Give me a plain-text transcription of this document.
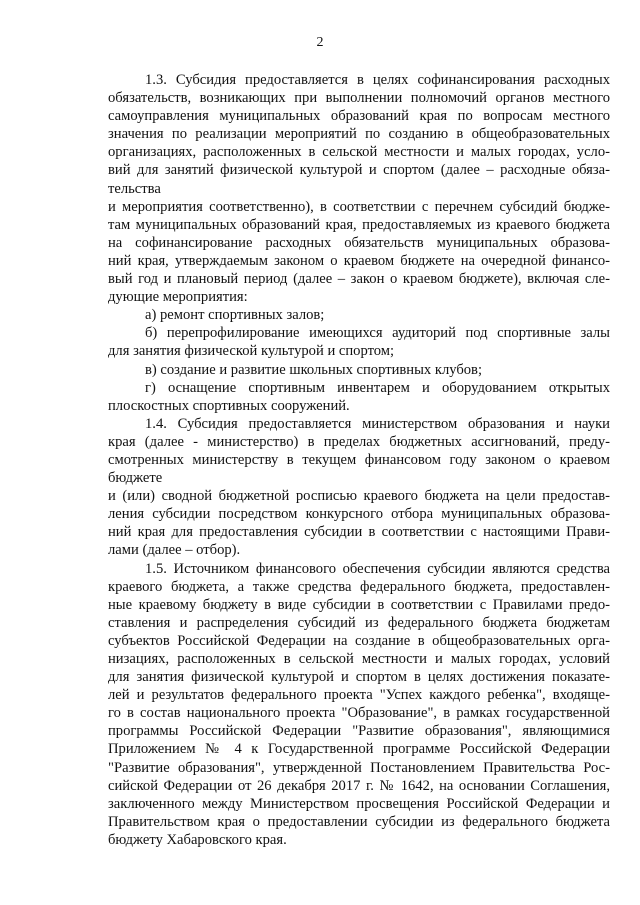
2
1.3. Субсидия предоставляется в целях софинансирования расходных
обязательств, возникающих при выполнении полномочий органов местного
самоуправления муниципальных образований края по вопросам местного
значения по реализации мероприятий по созданию в общеобразовательных
организациях, расположенных в сельской местности и малых городах, усло-
вий для занятий физической культурой и спортом (далее – расходные обяза-
тельства
и мероприятия соответственно), в соответствии с перечнем субсидий бюдже-
там муниципальных образований края, предоставляемых из краевого бюджета
на софинансирование расходных обязательств муниципальных образова-
ний края, утверждаемым законом о краевом бюджете на очередной финансо-
вый год и плановый период (далее – закон о краевом бюджете), включая сле-
дующие мероприятия:
а) ремонт спортивных залов;
б) перепрофилирование имеющихся аудиторий под спортивные залы
для занятия физической культурой и спортом;
в) создание и развитие школьных спортивных клубов;
г) оснащение спортивным инвентарем и оборудованием открытых
плоскостных спортивных сооружений.
1.4. Субсидия предоставляется министерством образования и науки
края (далее - министерство) в пределах бюджетных ассигнований, преду-
смотренных министерству в текущем финансовом году законом о краевом
бюджете
и (или) сводной бюджетной росписью краевого бюджета на цели предостав-
ления субсидии посредством конкурсного отбора муниципальных образова-
ний края для предоставления субсидии в соответствии с настоящими Прави-
лами (далее – отбор).
1.5. Источником финансового обеспечения субсидии являются средства
краевого бюджета, а также средства федерального бюджета, предоставлен-
ные краевому бюджету в виде субсидии в соответствии с Правилами предо-
ставления и распределения субсидий из федерального бюджета бюджетам
субъектов Российской Федерации на создание в общеобразовательных орга-
низациях, расположенных в сельской местности и малых городах, условий
для занятия физической культурой и спортом в целях достижения показате-
лей и результатов федерального проекта "Успех каждого ребенка", входяще-
го в состав национального проекта "Образование", в рамках государственной
программы Российской Федерации "Развитие образования", являющимися
Приложением № 4 к Государственной программе Российской Федерации
"Развитие образования", утвержденной Постановлением Правительства Рос-
сийской Федерации от 26 декабря 2017 г. № 1642, на основании Соглашения,
заключенного между Министерством просвещения Российской Федерации и
Правительством края о предоставлении субсидии из федерального бюджета
бюджету Хабаровского края.
